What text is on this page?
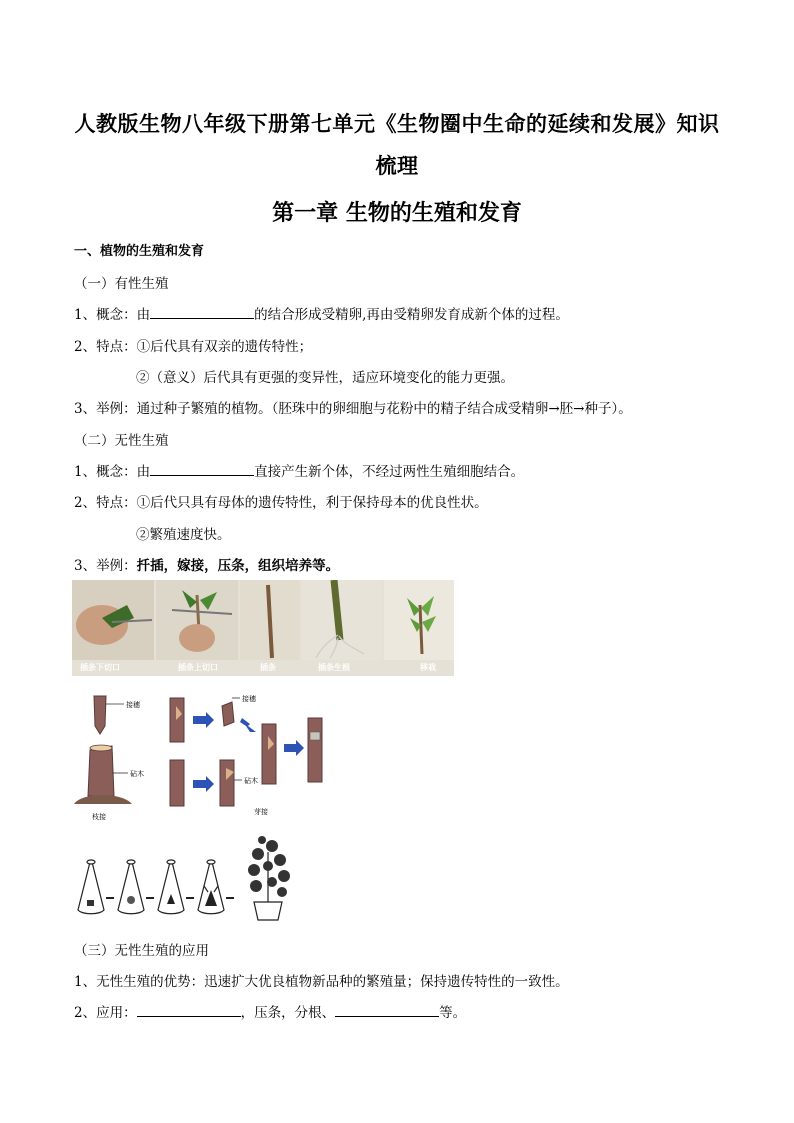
人教版生物八年级下册第七单元《生物圈中生命的延续和发展》知识
梳理
第一章 生物的生殖和发育
一、植物的生殖和发育
（一）有性生殖
1、概念：由	的结合形成受精卵,再由受精卵发育成新个体的过程。
2、特点：①后代具有双亲的遗传特性；
②（意义）后代具有更强的变异性，适应环境变化的能力更强。
3、举例：通过种子繁殖的植物。（胚珠中的卵细胞与花粉中的精子结合成受精卵→胚→种子）。
（二）无性生殖
1、概念：由	直接产生新个体，不经过两性生殖细胞结合。
2、特点：①后代只具有母体的遗传特性，利于保持母本的优良性状。
②繁殖速度快。
3、举例：扦插，嫁接，压条，组织培养等。
插条下切口	插条上切口	插条	插条生根	移栽
接穗
砧木
枝接
接穗
砧木
芽接
（三）无性生殖的应用
1、无性生殖的优势：迅速扩大优良植物新品种的繁殖量；保持遗传特性的一致性。
2、应用：	，压条，分根、	等。
